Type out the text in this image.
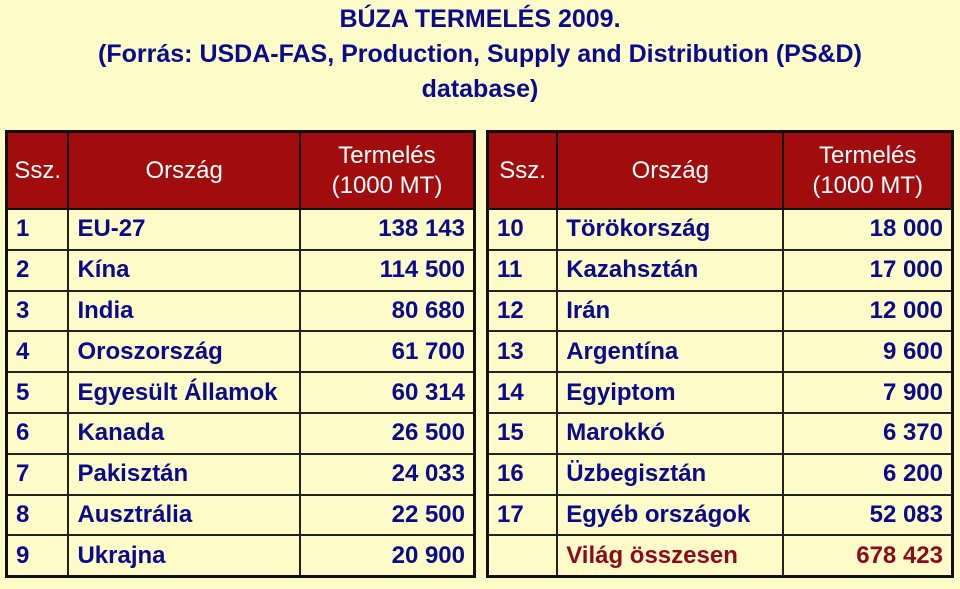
BÚZA TERMELÉS 2009.
(Forrás: USDA-FAS, Production, Supply and Distribution (PS&D)
database)
Ssz.	Ország	Termelés
(1000 MT)
1	EU-27	138 143
2	Kína	114 500
3	India	80 680
4	Oroszország	61 700
5	Egyesült Államok	60 314
6	Kanada	26 500
7	Pakisztán	24 033
8	Ausztrália	22 500
9	Ukrajna	20 900
Ssz.	Ország	Termelés
(1000 MT)
10	Törökország	18 000
11	Kazahsztán	17 000
12	Irán	12 000
13	Argentína	9 600
14	Egyiptom	7 900
15	Marokkó	6 370
16	Üzbegisztán	6 200
17	Egyéb országok	52 083
	Világ összesen	678 423
